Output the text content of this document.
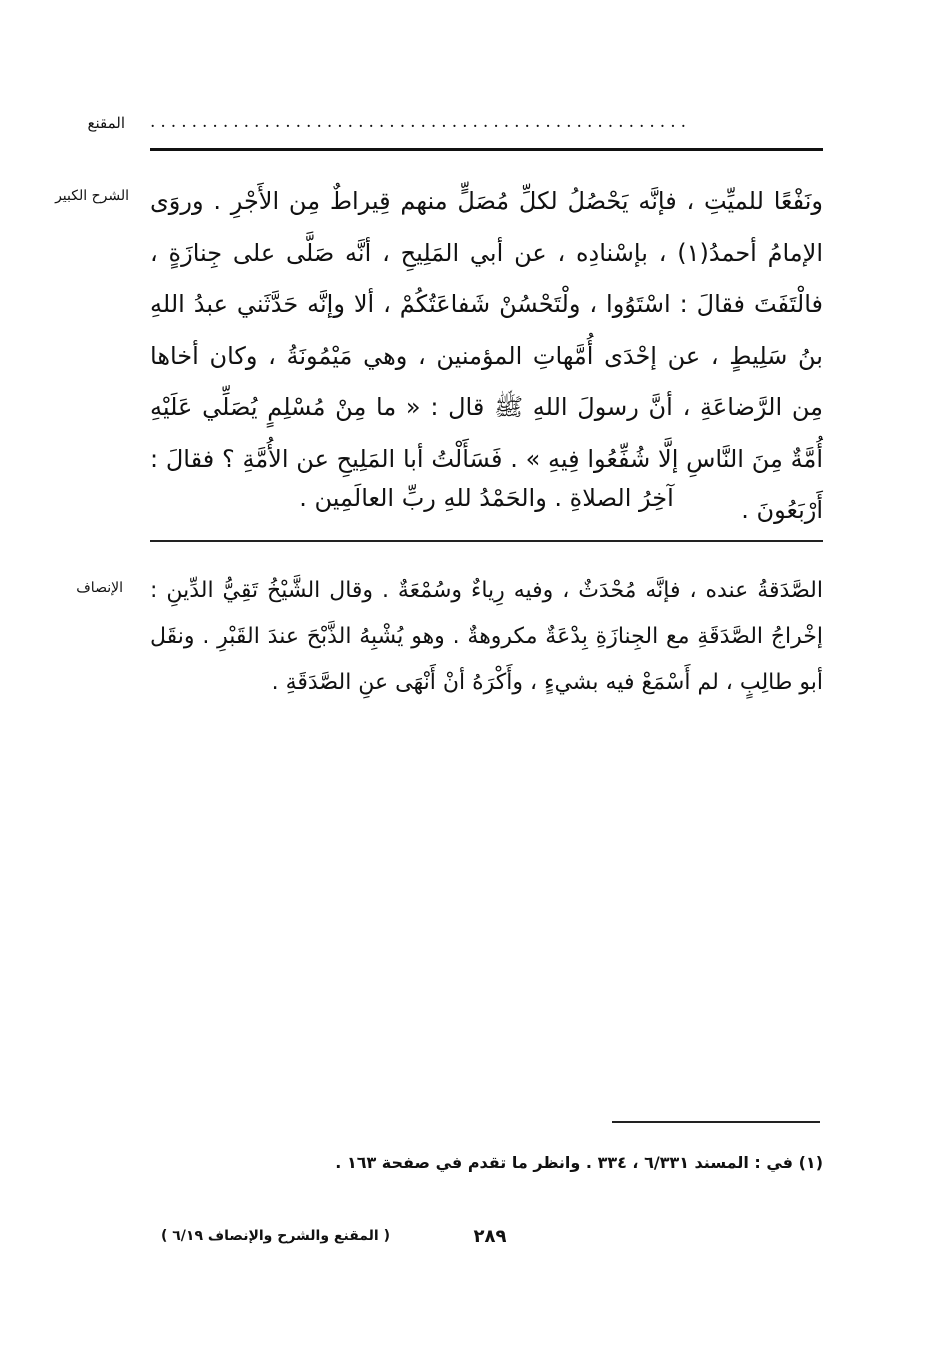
المقنع ....................................................
الشرح الكبير ونَفْعًا للميِّتِ ، فإنَّه يَحْصُلُ لكلِّ مُصَلٍّ منهم قِيراطٌ مِن الأَجْرِ . وروَى الإمامُ أحمدُ(١) ، بإسْنادِه ، عن أبي المَلِيحِ ، أنَّه صَلَّى على جِنازَةٍ ، فالْتَفَتَ فقالَ : اسْتَوُوا ، ولْتَحْسُنْ شَفاعَتُكُمْ ، ألا وإنَّه حَدَّثَني عبدُ اللهِ بنُ سَلِيطٍ ، عن إحْدَى أُمَّهاتِ المؤمنين ، وهي مَيْمُونَةُ ، وكان أخاها مِن الرَّضاعَةِ ، أنَّ رسولَ اللهِ ﷺ قال : « ما مِنْ مُسْلِمٍ يُصَلِّي عَلَيْهِ أُمَّةٌ مِنَ النَّاسِ إلَّا شُفِّعُوا فِيهِ » . فَسَأَلْتُ أبا المَلِيحِ عن الأُمَّةِ ؟ فقالَ : أَرْبَعُونَ .
آخِرُ الصلاةِ . والحَمْدُ للهِ ربِّ العالَمِين .
الإنصاف الصَّدَقةُ عنده ، فإنَّه مُحْدَثٌ ، وفيه رِياءٌ وسُمْعَةٌ . وقال الشَّيْخُ تَقِيُّ الدِّينِ : إخْراجُ الصَّدَقَةِ مع الجِنازَةِ بِدْعَةٌ مكروهةٌ . وهو يُشْبِهُ الذَّبْحَ عندَ القَبْرِ . ونقَل أبو طالِبٍ ، لم أَسْمَعْ فيه بشيءٍ ، وأَكْرَهُ أنْ أَنْهَى عنِ الصَّدَقَةِ .
(١) في : المسند ٦/٣٣١ ، ٣٣٤ . وانظر ما تقدم في صفحة ١٦٣ .
٢٨٩
( المقنع والشرح والإنصاف ٦/١٩ )
